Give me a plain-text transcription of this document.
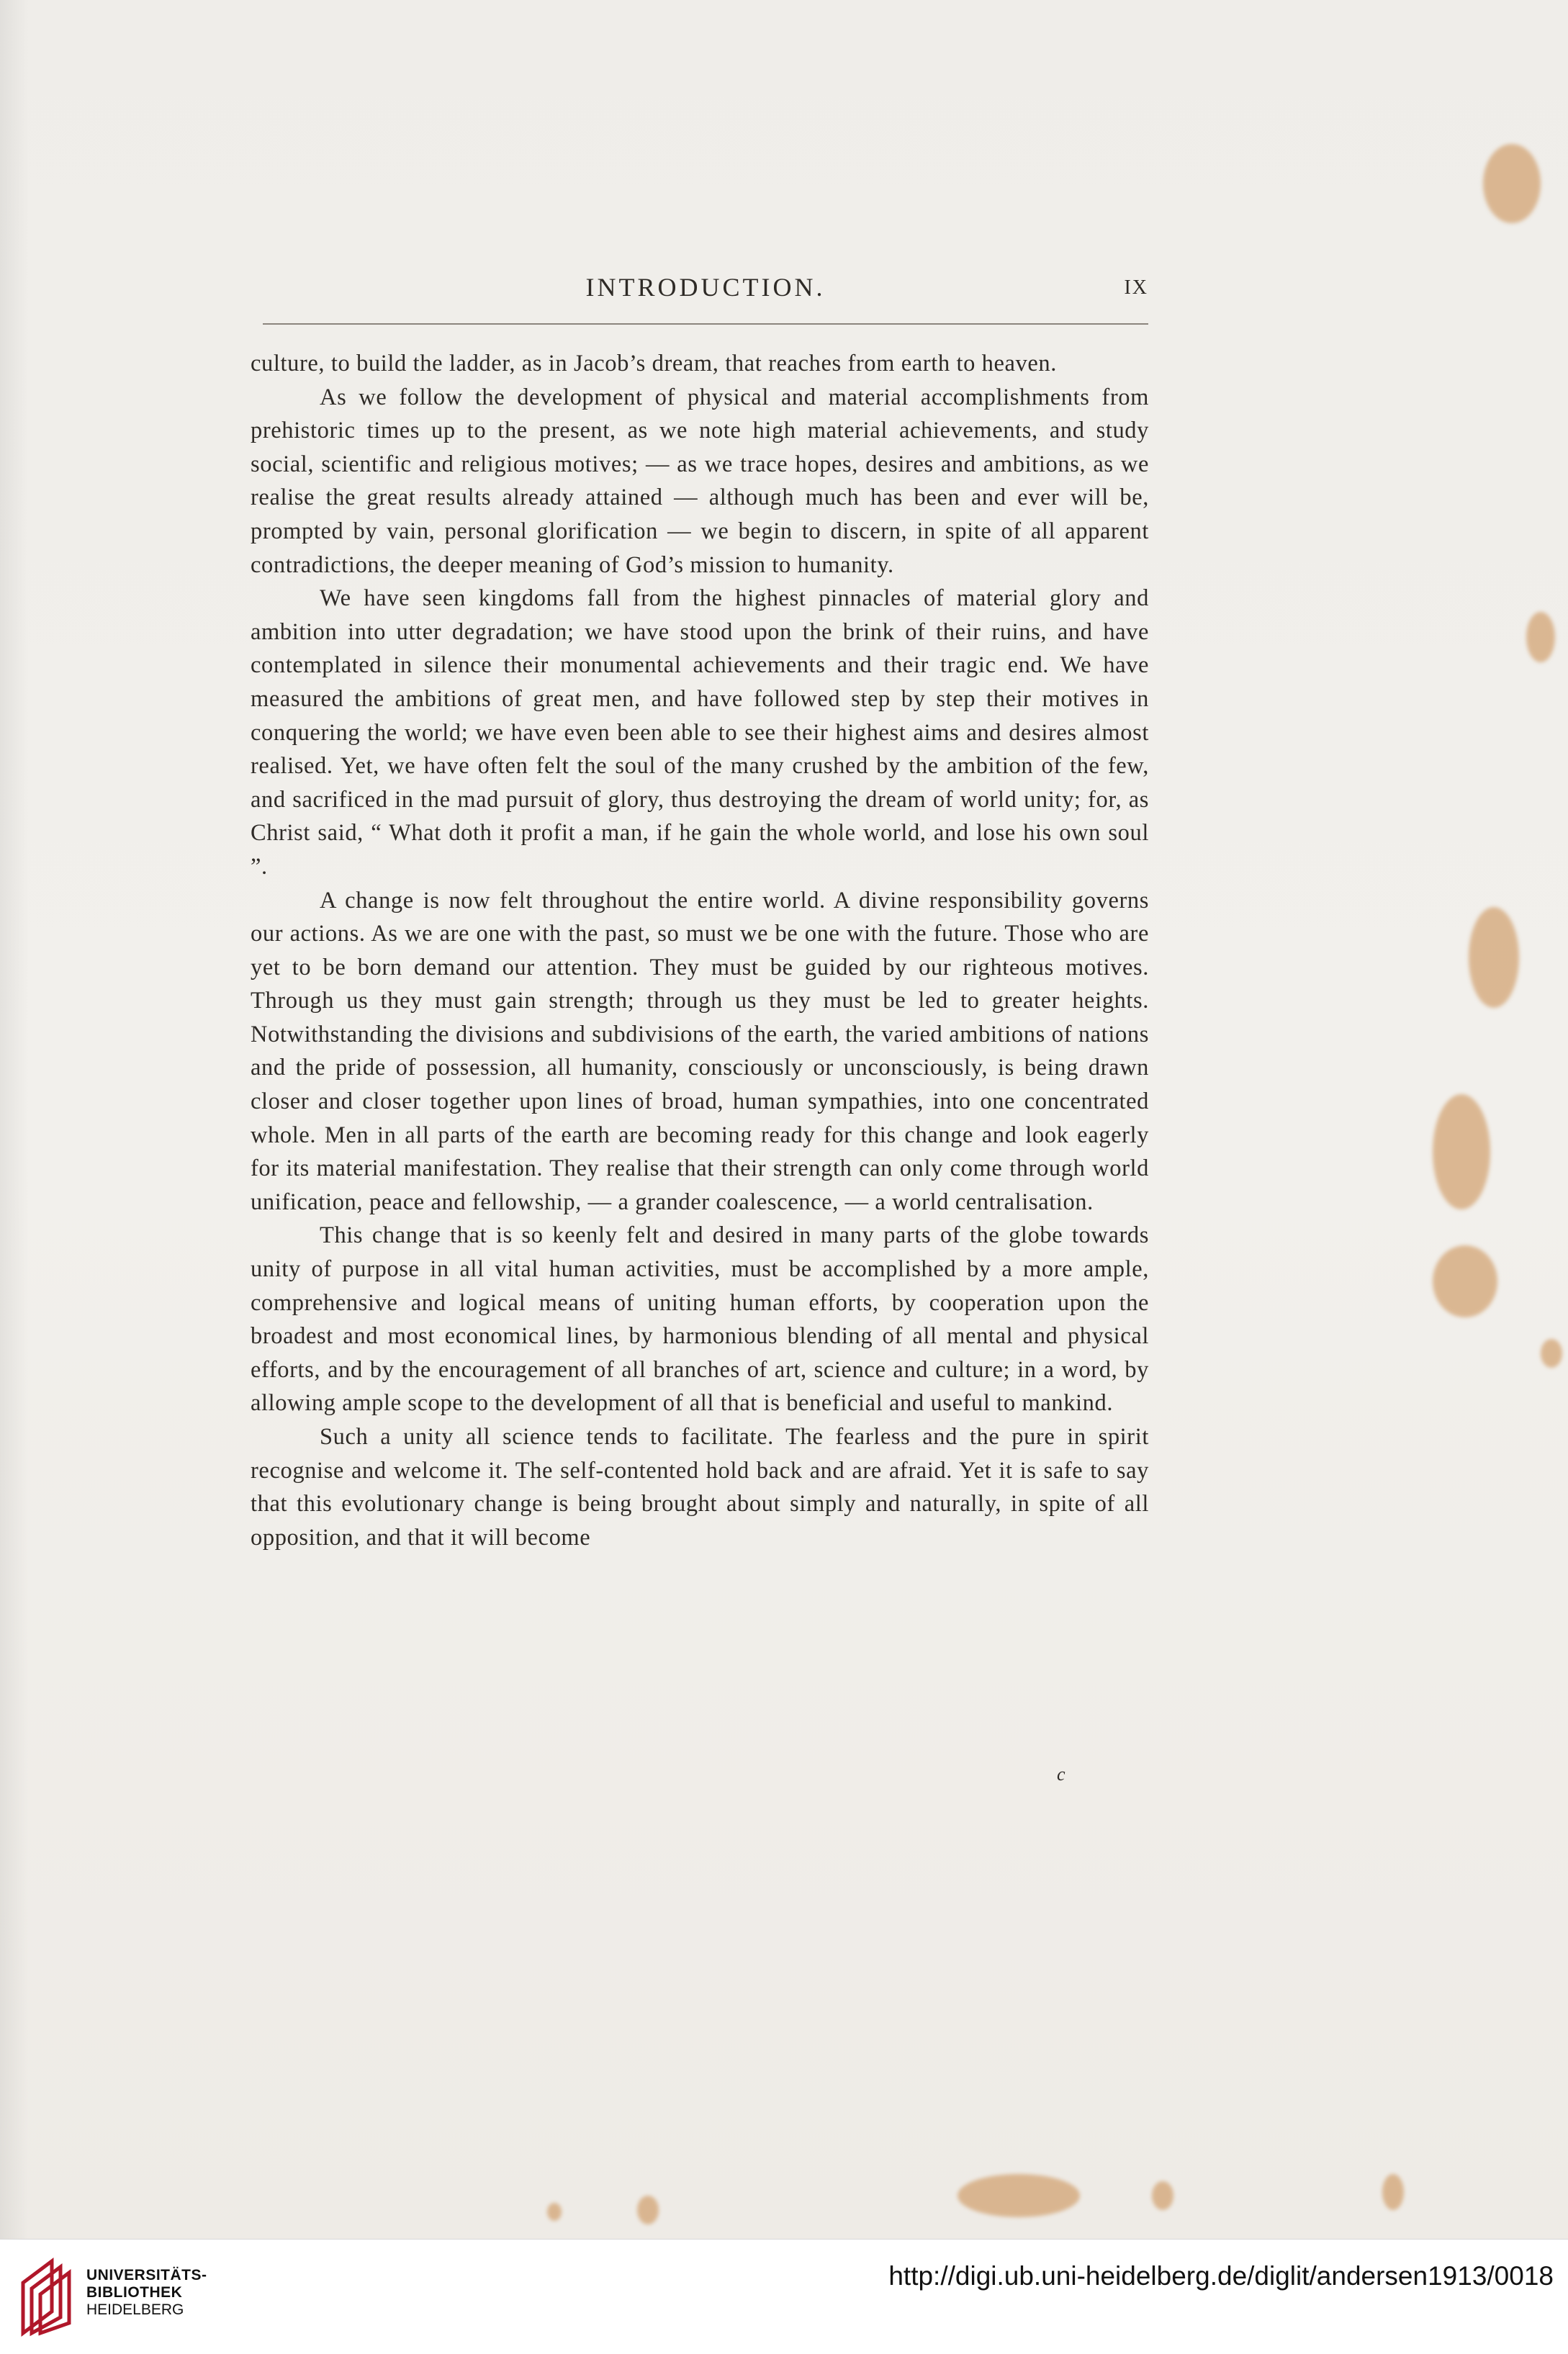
INTRODUCTION.	IX

culture, to build the ladder, as in Jacob’s dream, that reaches from earth to heaven.

As we follow the development of physical and material accomplishments from prehistoric times up to the present, as we note high material achievements, and study social, scientific and religious motives; — as we trace hopes, desires and ambitions, as we realise the great results already attained — although much has been and ever will be, prompted by vain, personal glorification — we begin to discern, in spite of all apparent contradictions, the deeper meaning of God’s mission to humanity.

We have seen kingdoms fall from the highest pinnacles of material glory and ambition into utter degradation; we have stood upon the brink of their ruins, and have contemplated in silence their monumental achievements and their tragic end. We have measured the ambitions of great men, and have followed step by step their motives in conquering the world; we have even been able to see their highest aims and desires almost realised. Yet, we have often felt the soul of the many crushed by the ambition of the few, and sacrificed in the mad pursuit of glory, thus destroying the dream of world unity; for, as Christ said, “ What doth it profit a man, if he gain the whole world, and lose his own soul ”.

A change is now felt throughout the entire world. A divine responsibility governs our actions. As we are one with the past, so must we be one with the future. Those who are yet to be born demand our attention. They must be guided by our righteous motives. Through us they must gain strength; through us they must be led to greater heights. Notwithstanding the divisions and subdivisions of the earth, the varied ambitions of nations and the pride of possession, all humanity, consciously or unconsciously, is being drawn closer and closer together upon lines of broad, human sympathies, into one concentrated whole. Men in all parts of the earth are becoming ready for this change and look eagerly for its material manifestation. They realise that their strength can only come through world unification, peace and fellowship, — a grander coalescence, — a world centralisation.

This change that is so keenly felt and desired in many parts of the globe towards unity of purpose in all vital human activities, must be accomplished by a more ample, comprehensive and logical means of uniting human efforts, by cooperation upon the broadest and most economical lines, by harmonious blending of all mental and physical efforts, and by the encouragement of all branches of art, science and culture; in a word, by allowing ample scope to the development of all that is beneficial and useful to mankind.

Such a unity all science tends to facilitate. The fearless and the pure in spirit recognise and welcome it. The self-contented hold back and are afraid. Yet it is safe to say that this evolutionary change is being brought about simply and naturally, in spite of all opposition, and that it will become

c
UNIVERSITÄTS-
BIBLIOTHEK
HEIDELBERG
http://digi.ub.uni-heidelberg.de/diglit/andersen1913/0018
